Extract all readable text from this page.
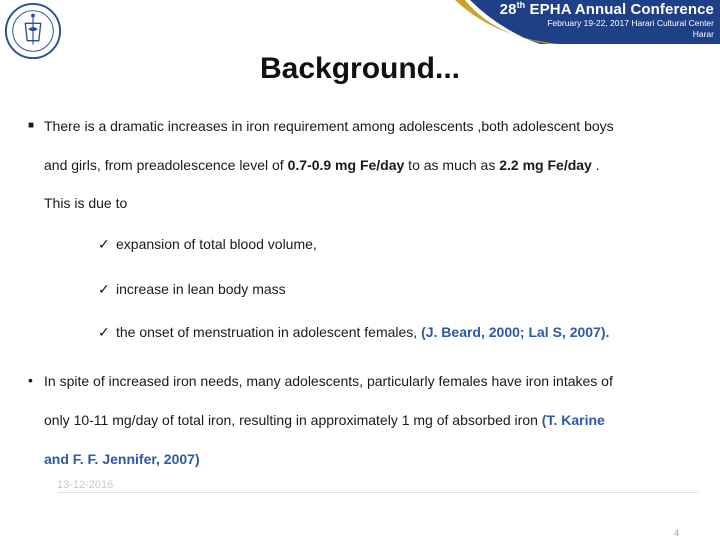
28th EPHA Annual Conference
February 19-22, 2017 Harari Cultural Center
Harar
Background...
■ There is a dramatic increases in iron requirement among adolescents ,both adolescent boys
and girls, from preadolescence level of 0.7-0.9 mg Fe/day to as much as 2.2 mg Fe/day .
This is due to
✓ expansion of total blood volume,
✓ increase in lean body mass
✓ the onset of menstruation in adolescent females, (J. Beard, 2000; Lal S, 2007).
• In spite of increased iron needs, many adolescents, particularly females have iron intakes of
only 10-11 mg/day of total iron, resulting in approximately 1 mg of absorbed iron (T. Karine
and F. F. Jennifer, 2007)
13-12-2016
4
